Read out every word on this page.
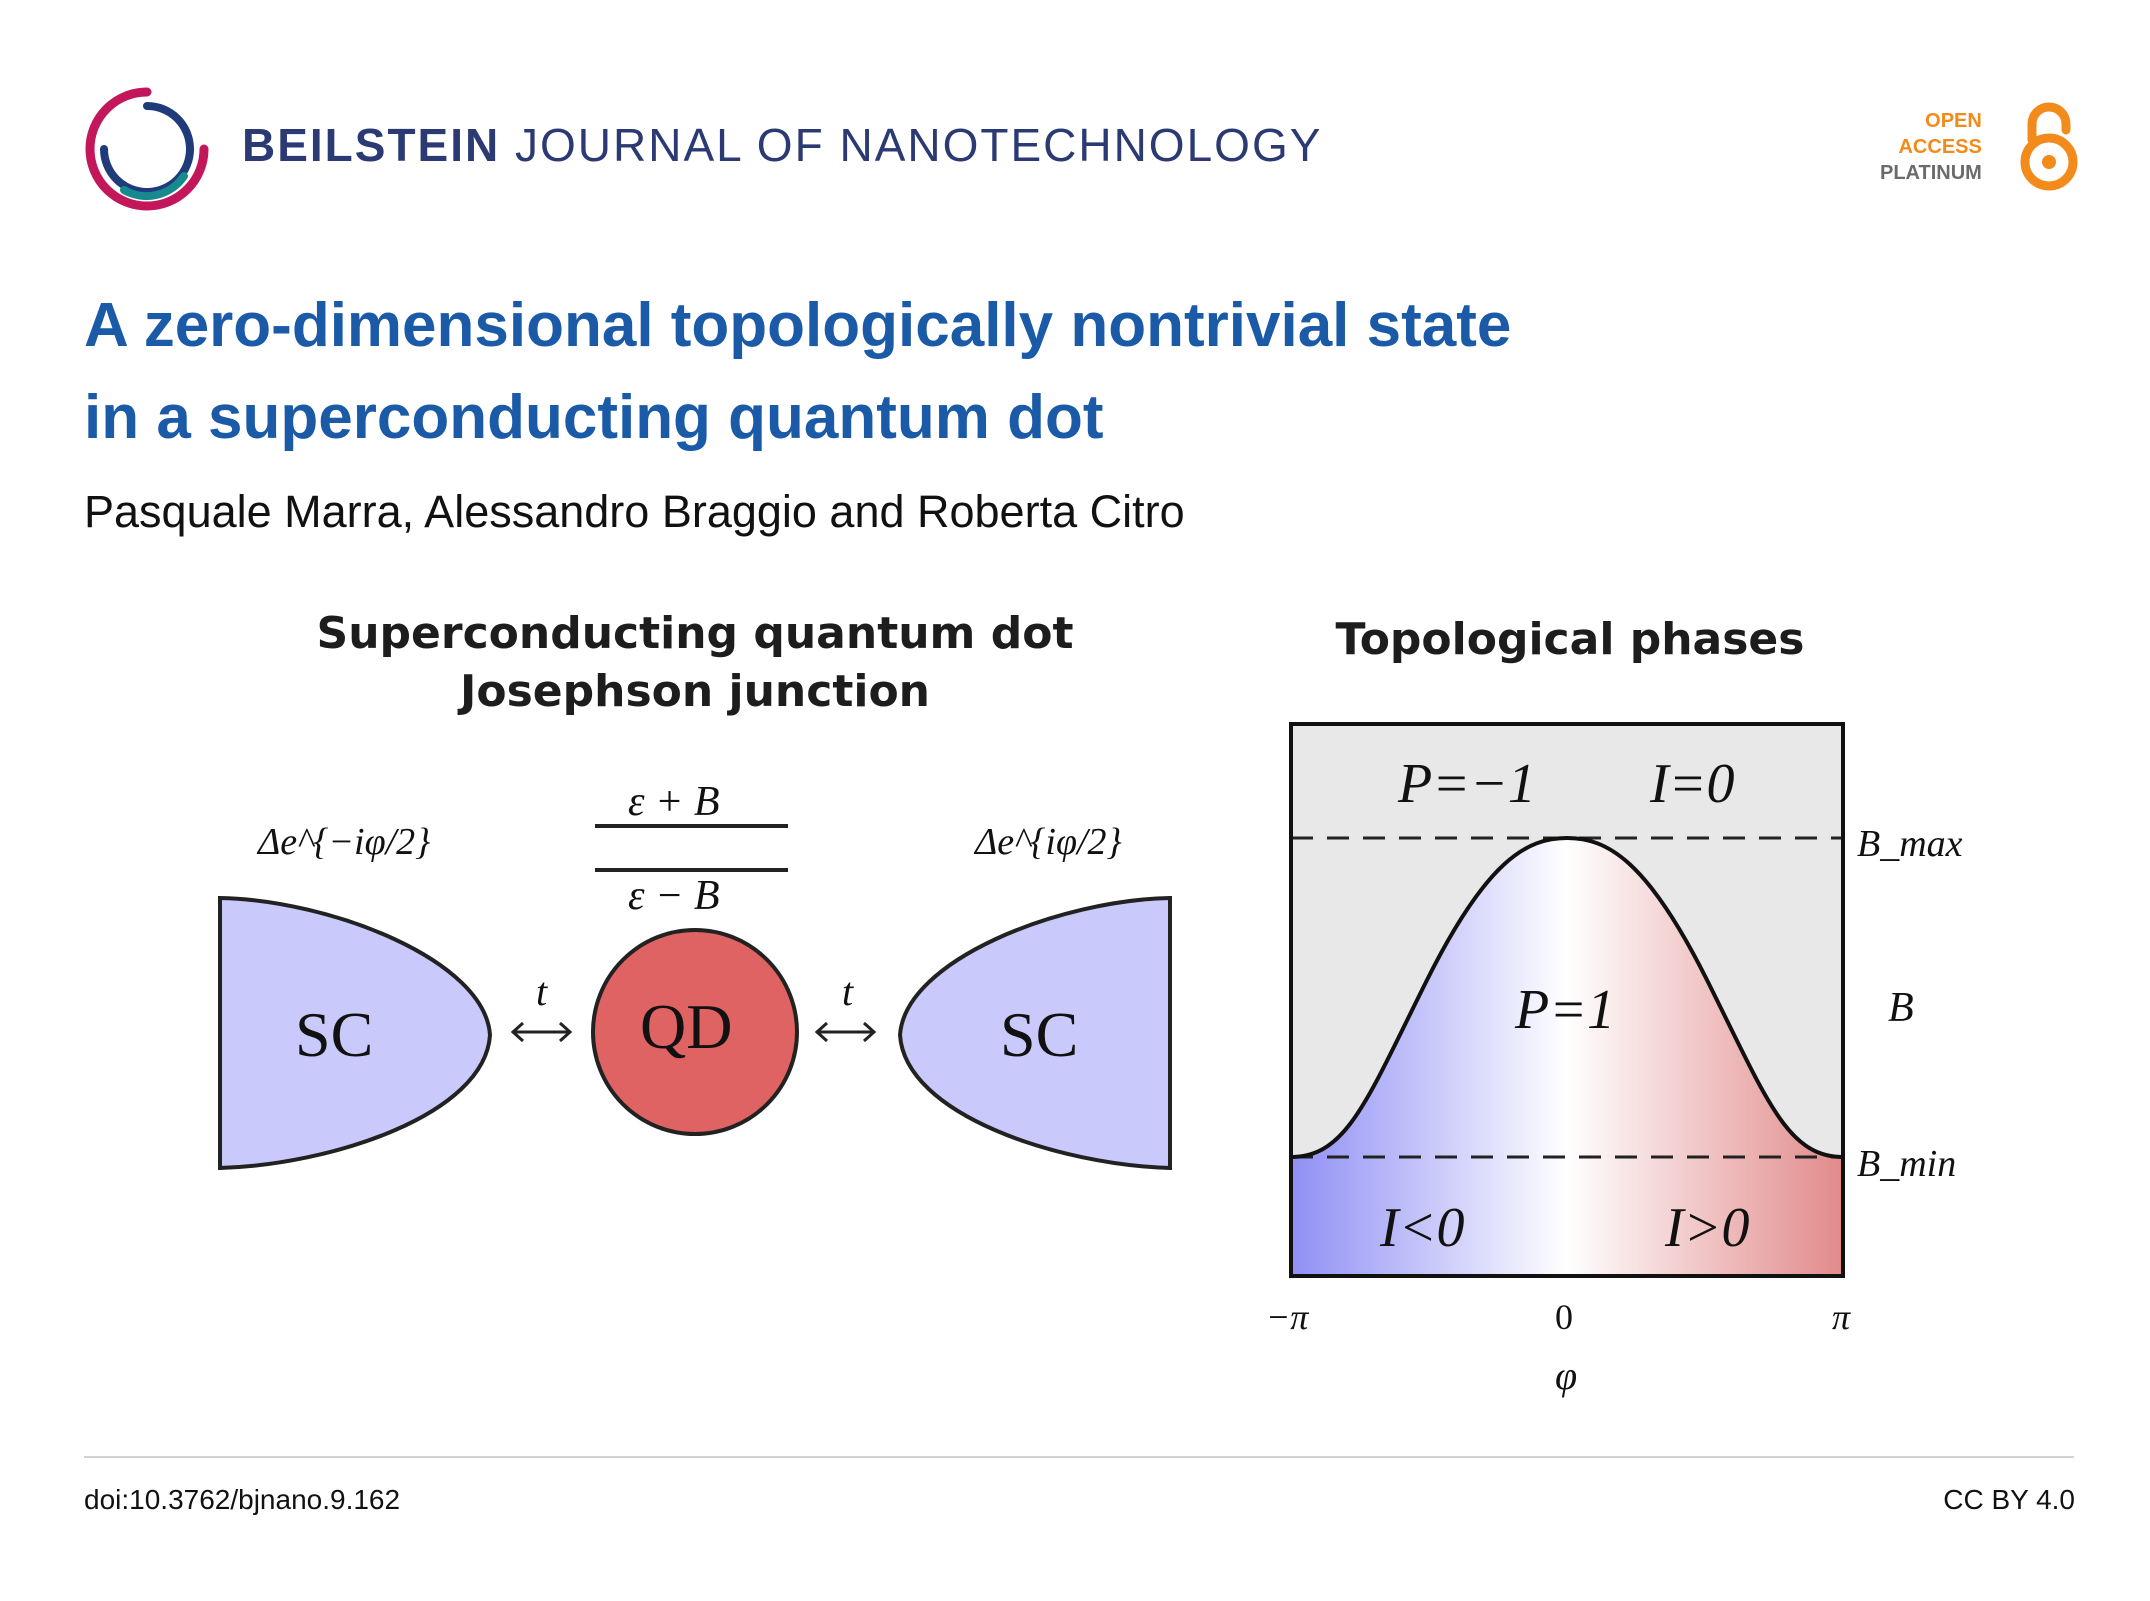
BEILSTEIN JOURNAL OF NANOTECHNOLOGY	OPEN
ACCESS
PLATINUM
A zero-dimensional topologically nontrivial state
in a superconducting quantum dot
Pasquale Marra, Alessandro Braggio and Roberta Citro
Superconducting quantum dot
Josephson junction
SC	SC
QD
Δe^{−iφ/2}	Δe^{iφ/2}
ε + B
ε − B
t	t
Topological phases
P=−1 I=0
P=1
I<0	I>0
B_max
B
B_min
−π	0	π
φ
doi:10.3762/bjnano.9.162	CC BY 4.0
